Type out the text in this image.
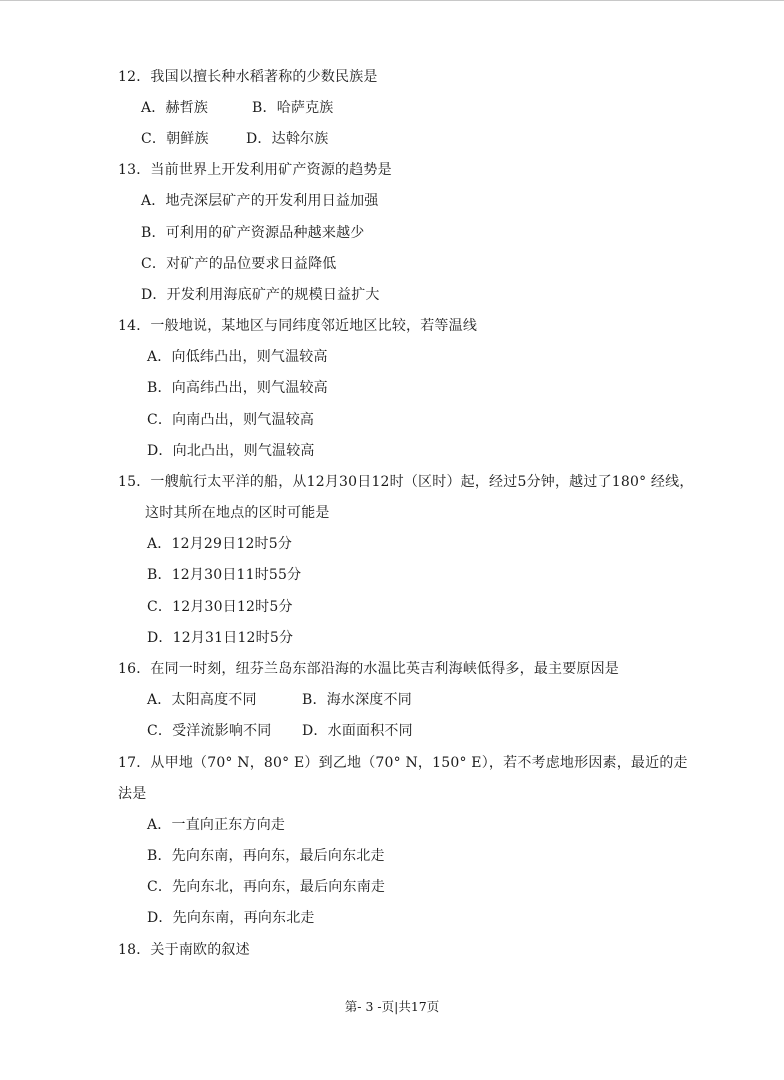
12．我国以擅长种水稻著称的少数民族是
A．赫哲族	B．哈萨克族
C．朝鲜族	D．达斡尔族
13．当前世界上开发利用矿产资源的趋势是
A．地壳深层矿产的开发利用日益加强
B．可利用的矿产资源品种越来越少
C．对矿产的品位要求日益降低
D．开发利用海底矿产的规模日益扩大
14．一般地说，某地区与同纬度邻近地区比较，若等温线
A．向低纬凸出，则气温较高
B．向高纬凸出，则气温较高
C．向南凸出，则气温较高
D．向北凸出，则气温较高
15．一艘航行太平洋的船，从12月30日12时（区时）起，经过5分钟，越过了180° 经线，
这时其所在地点的区时可能是
A．12月29日12时5分
B．12月30日11时55分
C．12月30日12时5分
D．12月31日12时5分
16．在同一时刻，纽芬兰岛东部沿海的水温比英吉利海峡低得多，最主要原因是
A．太阳高度不同	B．海水深度不同
C．受洋流影响不同 D．水面面积不同
17．从甲地（70° N，80° E）到乙地（70° N，150° E），若不考虑地形因素，最近的走
法是
A．一直向正东方向走
B．先向东南，再向东，最后向东北走
C．先向东北，再向东，最后向东南走
D．先向东南，再向东北走
18．关于南欧的叙述
第- 3 -页|共17页
